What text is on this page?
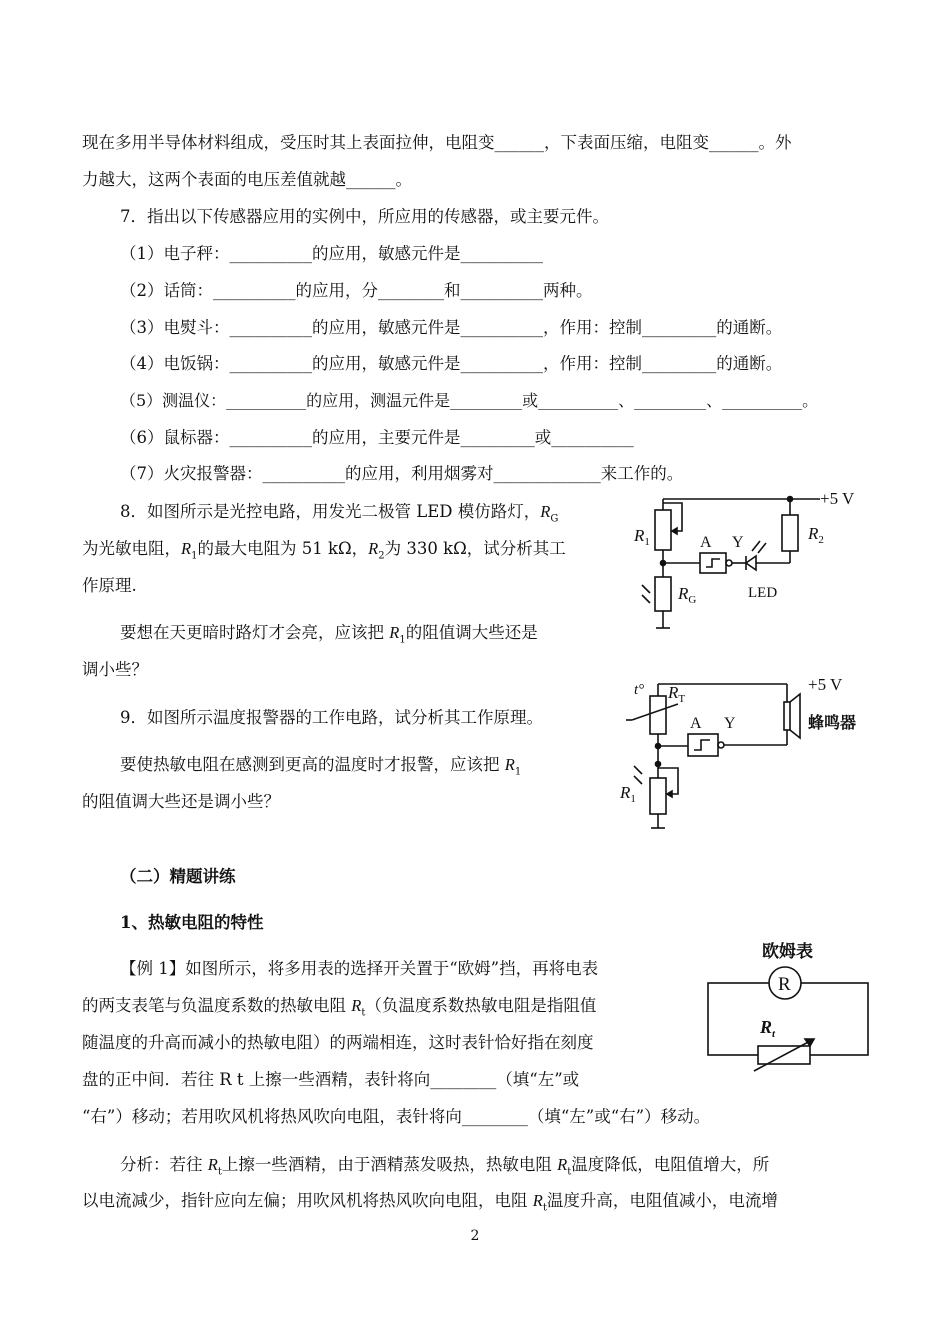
现在多用半导体材料组成，受压时其上表面拉伸，电阻变______，下表面压缩，电阻变______。外
力越大，这两个表面的电压差值就越______。
7．指出以下传感器应用的实例中，所应用的传感器，或主要元件。
（1）电子秤：__________的应用，敏感元件是__________
（2）话筒：__________的应用，分________和__________两种。
（3）电熨斗：__________的应用，敏感元件是__________，作用：控制_________的通断。
（4）电饭锅：__________的应用，敏感元件是__________，作用：控制_________的通断。
（5）测温仪：__________的应用，测温元件是_________或__________、_________、__________。
（6）鼠标器：__________的应用，主要元件是_________或__________
（7）火灾报警器：__________的应用，利用烟雾对_____________来工作的。
8．如图所示是光控电路，用发光二极管 LED 模仿路灯，$R_G$
为光敏电阻，$R_1$的最大电阻为 51 kΩ，$R_2$为 330 kΩ，试分析其工
作原理.
要想在天更暗时路灯才会亮，应该把 $R_1$的阻值调大些还是
调小些？
9．如图所示温度报警器的工作电路，试分析其工作原理。
要使热敏电阻在感测到更高的温度时才报警，应该把 $R_1$
的阻值调大些还是调小些？
（二）精题讲练
1、热敏电阻的特性
【例 1】如图所示，将多用表的选择开关置于“欧姆”挡，再将电表
的两支表笔与负温度系数的热敏电阻 $R_t$（负温度系数热敏电阻是指阻值
随温度的升高而减小的热敏电阻）的两端相连，这时表针恰好指在刻度
盘的正中间．若往 R t 上擦一些酒精，表针将向________（填“左”或
“右”）移动；若用吹风机将热风吹向电阻，表针将向________（填“左”或“右”）移动。
分析：若往 $R_t$上擦一些酒精，由于酒精蒸发吸热，热敏电阻 $R_t$温度降低，电阻值增大，所
以电流减少，指针应向左偏；用吹风机将热风吹向电阻，电阻 $R_t$温度升高，电阻值减小，电流增
2
+5 V
$R_1$	A Y	$R_2$
$R_G$	LED
t° $R_T$
+5 V
A Y	蜂鸣器
$R_1$
欧姆表
R
$R_t$
